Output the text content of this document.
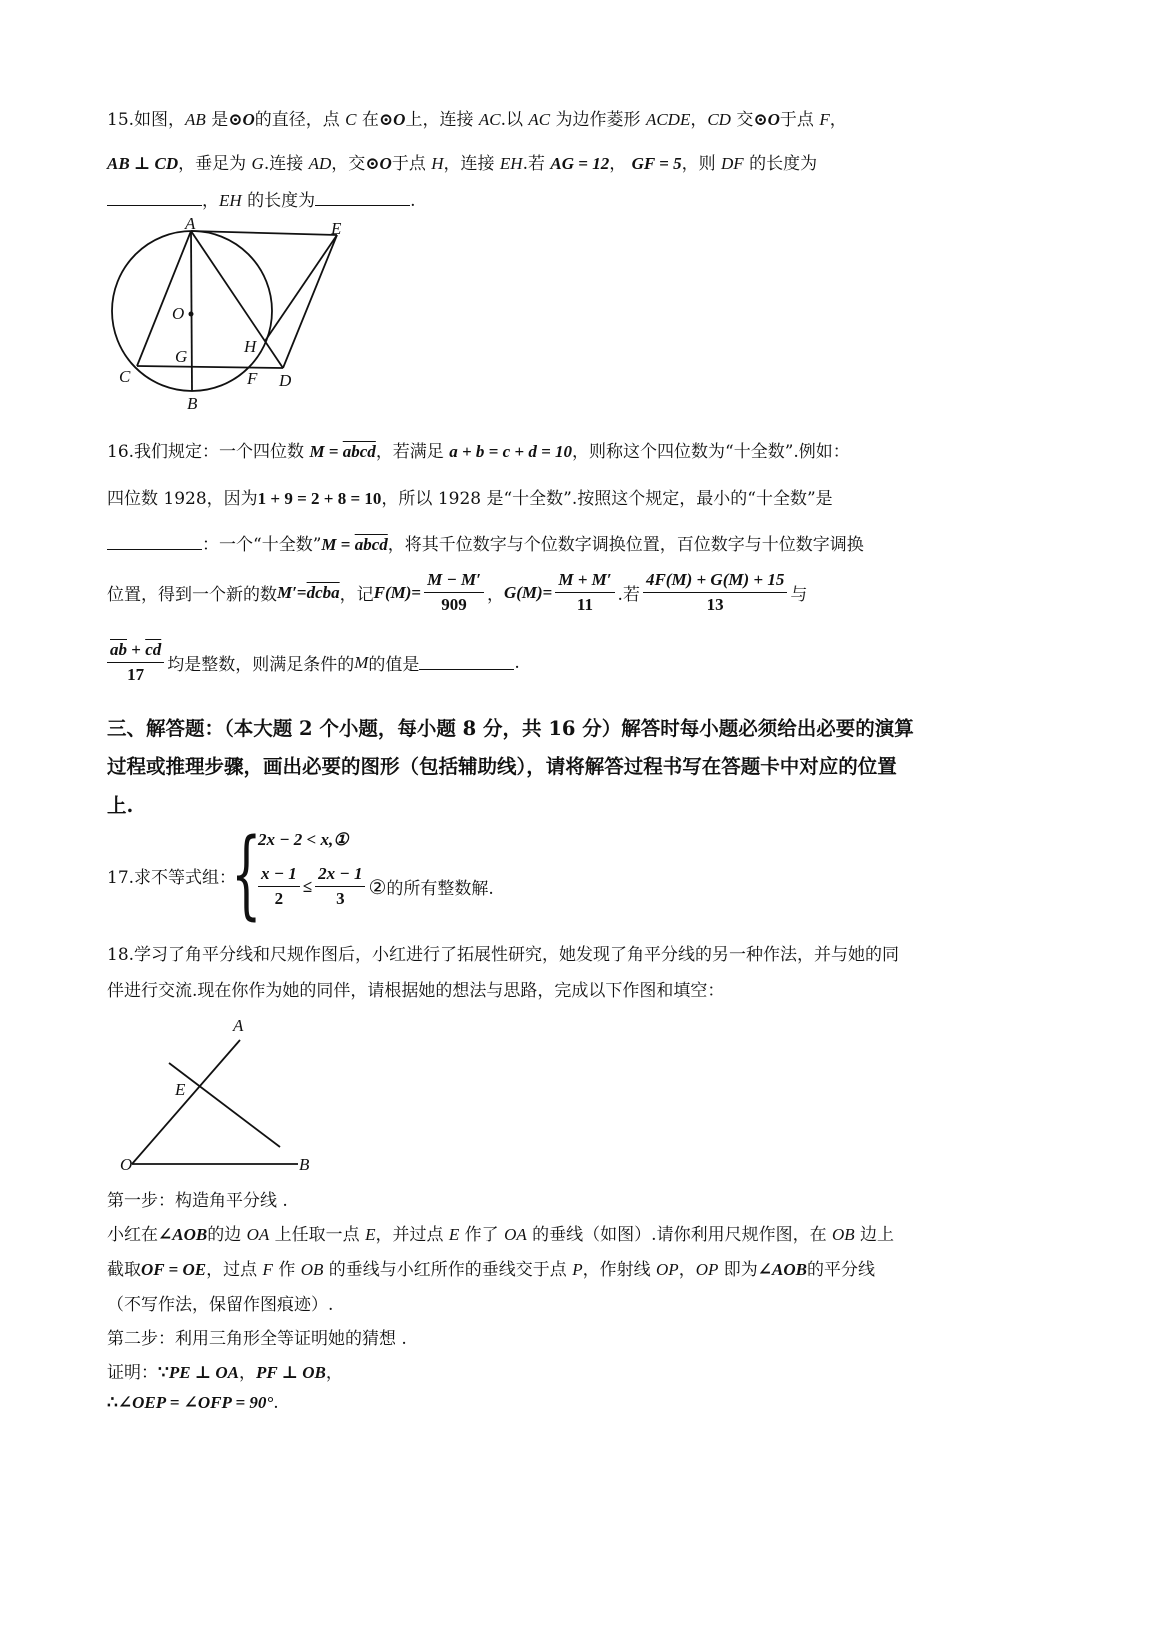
15.如图，AB 是⊙O的直径，点 C 在⊙O上，连接 AC.以 AC 为边作菱形 ACDE，CD 交⊙O于点 F，
AB ⊥ CD，垂足为 G.连接 AD，交⊙O于点 H，连接 EH.若 AG = 12， GF = 5，则 DF 的长度为
，EH 的长度为	.
A	E
O
G
H
C	F D
B
16.我们规定：一个四位数 M = abcd，若满足 a + b = c + d = 10，则称这个四位数为“十全数”.例如：
四位数 1928，因为1 + 9 = 2 + 8 = 10，所以 1928 是“十全数”.按照这个规定，最小的“十全数”是
：一个“十全数”M = abcd，将其千位数字与个位数字调换位置，百位数字与十位数字调换
位置，得到一个新的数 M′ = dcba ，记 $F(M) = \frac{M - M'}{909}$ ， $G(M) = \frac{M + M'}{11}$ .若 $\frac{4F(M) + G(M) + 15}{13}$ 与
$\frac{\overline{ab} + \overline{cd}}{17}$ 均是整数，则满足条件的 M 的值是	.
三、解答题：（本大题 2 个小题，每小题 8 分，共 16 分）解答时每小题必须给出必要的演算
过程或推理步骤，画出必要的图形（包括辅助线），请将解答过程书写在答题卡中对应的位置
上.
17.求不等式组：
{
2x − 2 < x,①
$\frac{x - 1}{2} \le \frac{2x - 1}{3}$ ② 的所有整数解.
18.学习了角平分线和尺规作图后，小红进行了拓展性研究，她发现了角平分线的另一种作法，并与她的同
伴进行交流.现在你作为她的同伴，请根据她的想法与思路，完成以下作图和填空：
A
E
O	B
第一步：构造角平分线 .
小红在∠AOB的边 OA 上任取一点 E，并过点 E 作了 OA 的垂线（如图）.请你利用尺规作图，在 OB 边上
截取OF = OE，过点 F 作 OB 的垂线与小红所作的垂线交于点 P，作射线 OP，OP 即为∠AOB的平分线
（不写作法，保留作图痕迹）.
第二步：利用三角形全等证明她的猜想 .
证明：∵PE ⊥ OA，PF ⊥ OB，
∴∠OEP = ∠OFP = 90°.
